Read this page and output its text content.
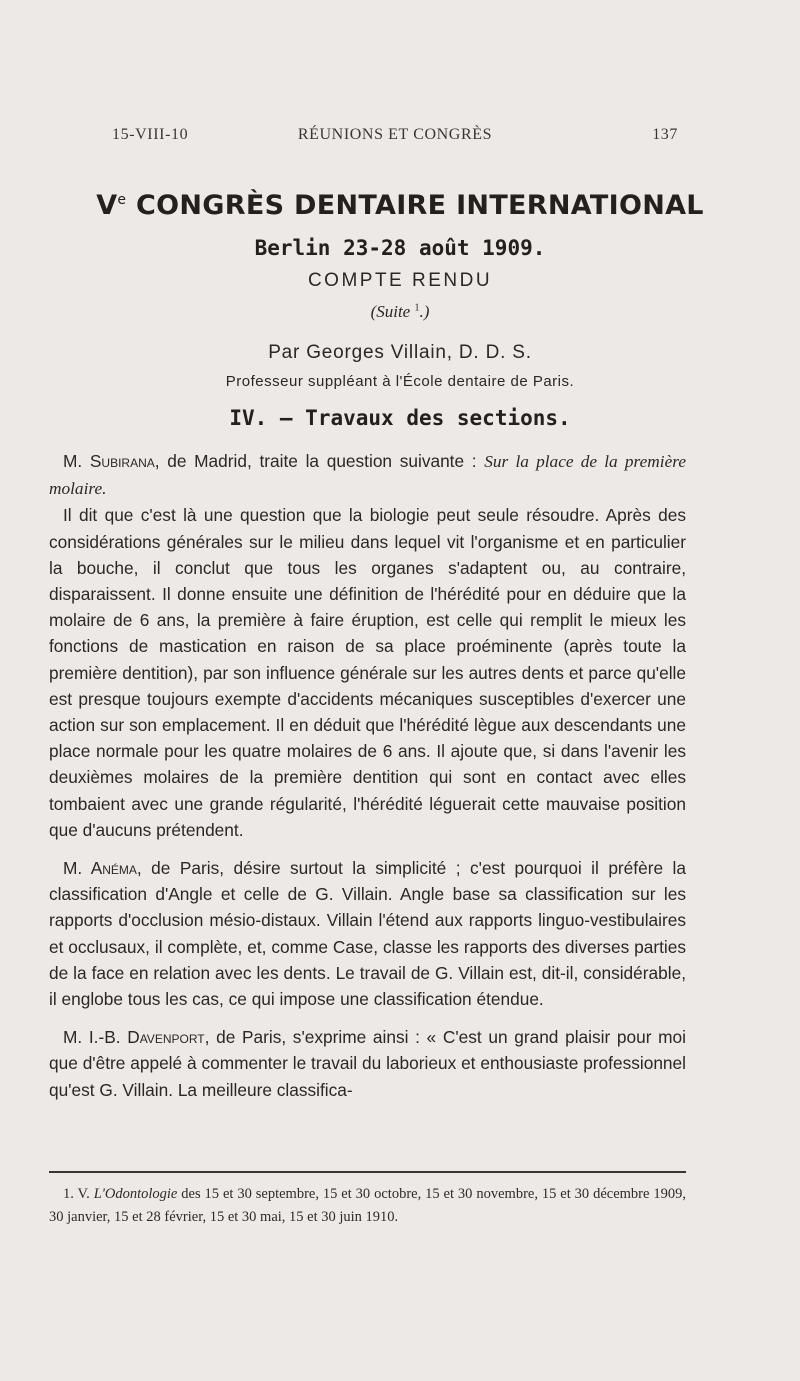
15-VIII-10	RÉUNIONS ET CONGRÈS	137
Ve CONGRÈS DENTAIRE INTERNATIONAL
Berlin 23-28 août 1909.
COMPTE RENDU
(Suite $^1$.)
Par Georges Villain, D. D. S.
Professeur suppléant à l'École dentaire de Paris.
IV. — Travaux des sections.

M. Subirana, de Madrid, traite la question suivante : Sur la place de la première molaire.

Il dit que c'est là une question que la biologie peut seule résoudre. Après des considérations générales sur le milieu dans lequel vit l'organisme et en particulier la bouche, il conclut que tous les organes s'adaptent ou, au contraire, disparaissent. Il donne ensuite une définition de l'hérédité pour en déduire que la molaire de 6 ans, la première à faire éruption, est celle qui remplit le mieux les fonctions de mastication en raison de sa place proéminente (après toute la première dentition), par son influence générale sur les autres dents et parce qu'elle est presque toujours exempte d'accidents mécaniques susceptibles d'exercer une action sur son emplacement. Il en déduit que l'hérédité lègue aux descendants une place normale pour les quatre molaires de 6 ans. Il ajoute que, si dans l'avenir les deuxièmes molaires de la première dentition qui sont en contact avec elles tombaient avec une grande régularité, l'hérédité léguerait cette mauvaise position que d'aucuns prétendent.

M. Anéma, de Paris, désire surtout la simplicité ; c'est pourquoi il préfère la classification d'Angle et celle de G. Villain. Angle base sa classification sur les rapports d'occlusion mésio-distaux. Villain l'étend aux rapports linguo-vestibulaires et occlusaux, il complète, et, comme Case, classe les rapports des diverses parties de la face en relation avec les dents. Le travail de G. Villain est, dit-il, considérable, il englobe tous les cas, ce qui impose une classification étendue.

M. I.-B. Davenport, de Paris, s'exprime ainsi : « C'est un grand plaisir pour moi que d'être appelé à commenter le travail du laborieux et enthousiaste professionnel qu'est G. Villain. La meilleure classifica-

1. V. L'Odontologie des 15 et 30 septembre, 15 et 30 octobre, 15 et 30 novembre, 15 et 30 décembre 1909, 30 janvier, 15 et 28 février, 15 et 30 mai, 15 et 30 juin 1910.
